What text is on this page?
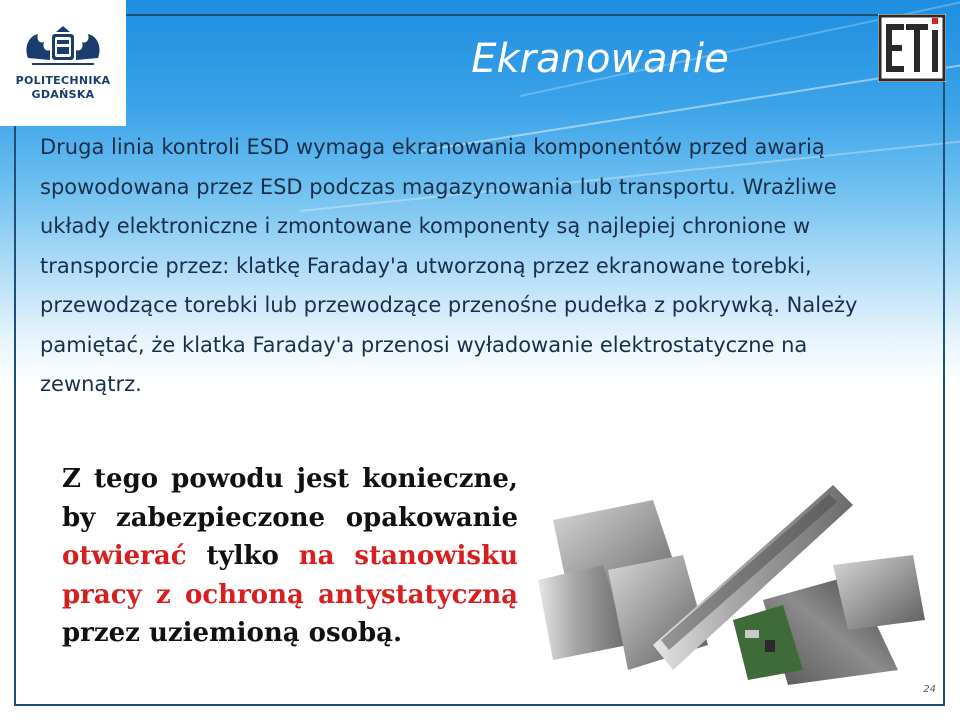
POLITECHNIKA
GDAŃSKA
Ekranowanie
Druga linia kontroli ESD wymaga ekranowania komponentów przed awarią spowodowana przez ESD podczas magazynowania lub transportu. Wrażliwe układy elektroniczne i zmontowane komponenty są najlepiej chronione w transporcie przez: klatkę Faraday'a utworzoną przez ekranowane torebki, przewodzące torebki lub przewodzące przenośne pudełka z pokrywką. Należy pamiętać, że klatka Faraday'a przenosi wyładowanie elektrostatyczne na zewnątrz.
Z tego powodu jest konieczne, by zabezpieczone opakowanie otwierać tylko na stanowisku pracy z ochroną antystatyczną przez uziemioną osobą.
24
